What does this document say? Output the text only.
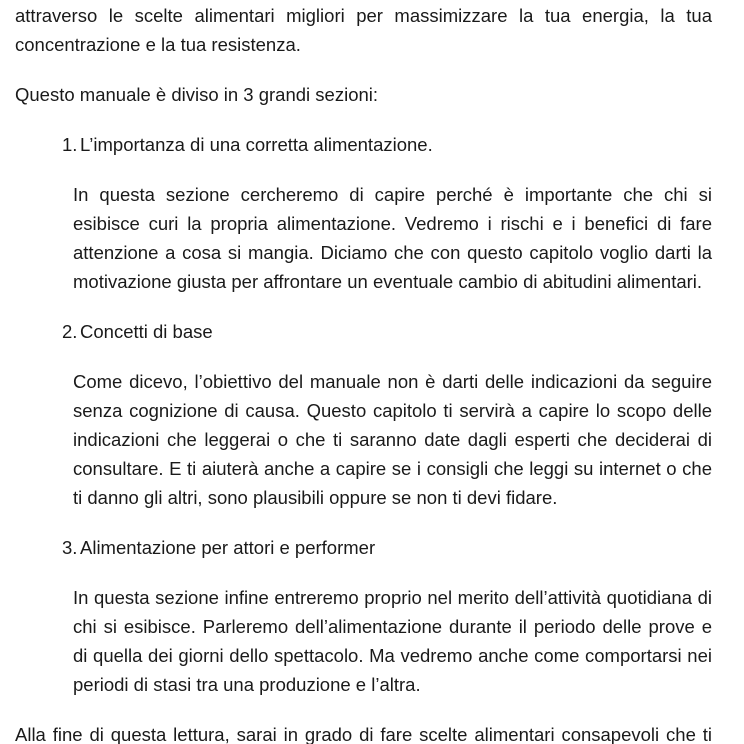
attraverso le scelte alimentari migliori per massimizzare la tua energia, la tua concentrazione e la tua resistenza.

Questo manuale è diviso in 3 grandi sezioni:

1. L’importanza di una corretta alimentazione.

In questa sezione cercheremo di capire perché è importante che chi si esibisce curi la propria alimentazione. Vedremo i rischi e i benefici di fare attenzione a cosa si mangia. Diciamo che con questo capitolo voglio darti la motivazione giusta per affrontare un eventuale cambio di abitudini alimentari.

2. Concetti di base

Come dicevo, l’obiettivo del manuale non è darti delle indicazioni da seguire senza cognizione di causa. Questo capitolo ti servirà a capire lo scopo delle indicazioni che leggerai o che ti saranno date dagli esperti che deciderai di consultare. E ti aiuterà anche a capire se i consigli che leggi su internet o che ti danno gli altri, sono plausibili oppure se non ti devi fidare.

3. Alimentazione per attori e performer

In questa sezione infine entreremo proprio nel merito dell’attività quotidiana di chi si esibisce. Parleremo dell’alimentazione durante il periodo delle prove e di quella dei giorni dello spettacolo. Ma vedremo anche come comportarsi nei periodi di stasi tra una produzione e l’altra.

Alla fine di questa lettura, sarai in grado di fare scelte alimentari consapevoli che ti
